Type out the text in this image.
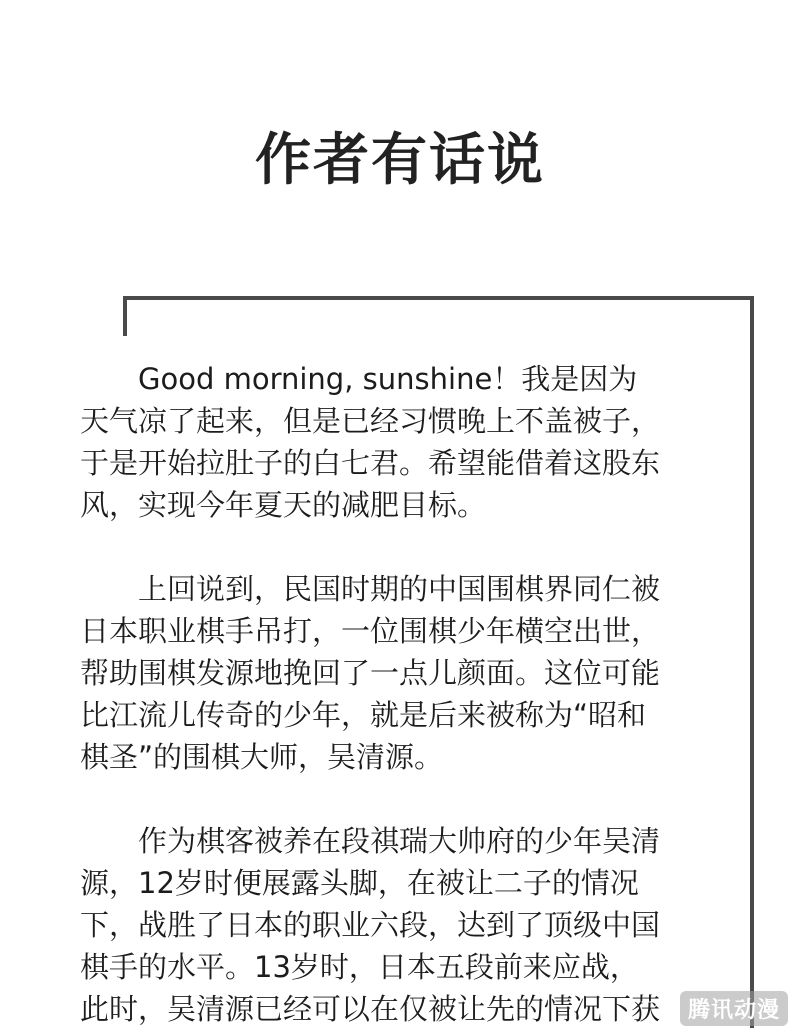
作者有话说

Good morning, sunshine！我是因为
天气凉了起来，但是已经习惯晚上不盖被子，
于是开始拉肚子的白七君。希望能借着这股东
风，实现今年夏天的减肥目标。

上回说到，民国时期的中国围棋界同仁被
日本职业棋手吊打，一位围棋少年横空出世，
帮助围棋发源地挽回了一点儿颜面。这位可能
比江流儿传奇的少年，就是后来被称为“昭和
棋圣”的围棋大师，吴清源。

作为棋客被养在段祺瑞大帅府的少年吴清
源，12岁时便展露头脚，在被让二子的情况
下，战胜了日本的职业六段，达到了顶级中国
棋手的水平。13岁时，日本五段前来应战，
此时，吴清源已经可以在仅被让先的情况下获	腾讯动漫
